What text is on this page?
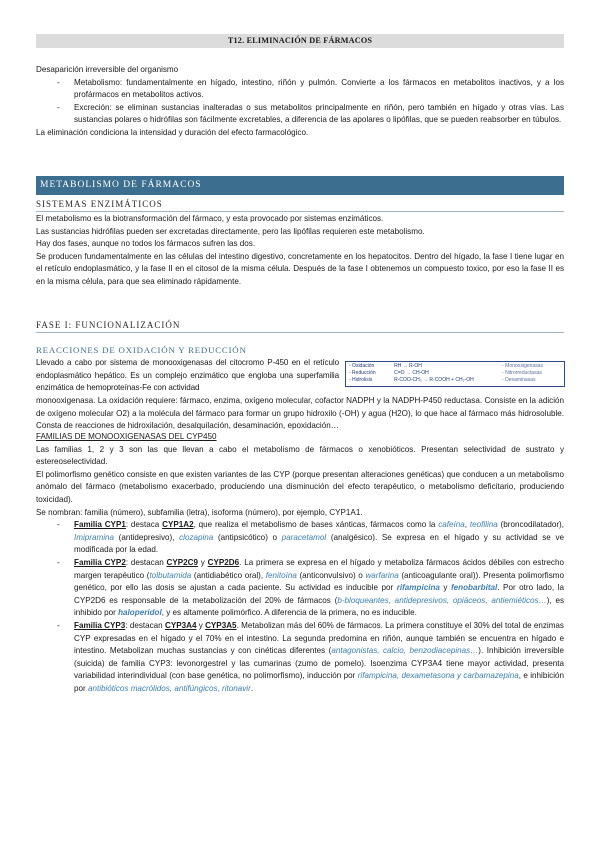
T12. ELIMINACIÓN DE FÁRMACOS

Desaparición irreversible del organismo

- Metabolismo: fundamentalmente en hígado, intestino, riñón y pulmón. Convierte a los fármacos en metabolitos inactivos, y a los profármacos en metabolitos activos.
- Excreción: se eliminan sustancias inalteradas o sus metabolitos principalmente en riñón, pero también en hígado y otras vías. Las sustancias polares o hidrófilas son fácilmente excretables, a diferencia de las apolares o lipófilas, que se pueden reabsorber en túbulos.

La eliminación condiciona la intensidad y duración del efecto farmacológico.

METABOLISMO DE FÁRMACOS
SISTEMAS ENZIMÁTICOS

El metabolismo es la biotransformación del fármaco, y esta provocado por sistemas enzimáticos.

Las sustancias hidrófilas pueden ser excretadas directamente, pero las lipófilas requieren este metabolismo.

Hay dos fases, aunque no todos los fármacos sufren las dos.

Se producen fundamentalmente en las células del intestino digestivo, concretamente en los hepatocitos. Dentro del hígado, la fase I tiene lugar en el retículo endoplasmático, y la fase II en el citosol de la misma célula. Después de la fase I obtenemos un compuesto toxico, por eso la fase II es en la misma célula, para que sea eliminado rápidamente.

FASE I: FUNCIONALIZACIÓN
REACCIONES DE OXIDACIÓN Y REDUCCIÓN

Llevado a cabo por sistema de monooxigenasas del citocromo P-450 en el retículo endoplasmático hepático. Es un complejo enzimático que engloba una superfamilia enzimática de hemoproteínas-Fe con actividad

- Oxidación	RH → R-OH	- Monooxigenasas
- Reducción	C=O → CH-OH	- Nitrorreductasas
- Hidrolisis	R-COO-CH₂ → R-COOH + CH₂-OH	- Desaminasas

monooxigenasa. La oxidación requiere: fármaco, enzima, oxígeno molecular, cofactor NADPH y la NADPH-P450 reductasa. Consiste en la adición de oxígeno molecular O2) a la molécula del fármaco para formar un grupo hidroxilo (-OH) y agua (H2O), lo que hace al fármaco más hidrosoluble. Consta de reacciones de hidroxilación, desalquilación, desaminación, epoxidación…

FAMILIAS DE MONOOXIGENASAS DEL CYP450

Las familias 1, 2 y 3 son las que llevan a cabo el metabolismo de fármacos o xenobióticos. Presentan selectividad de sustrato y estereoselectividad.

El polimorfismo genético consiste en que existen variantes de las CYP (porque presentan alteraciones genéticas) que conducen a un metabolismo anómalo del fármaco (metabolismo exacerbado, produciendo una disminución del efecto terapéutico, o metabolismo deficitario, produciendo toxicidad).

Se nombran: familia (número), subfamilia (letra), isoforma (número), por ejemplo, CYP1A1.

- Familia CYP1: destaca CYP1A2, que realiza el metabolismo de bases xánticas, fármacos como la cafeína, teofilina (broncodilatador), Imipramina (antidepresivo), clozapina (antipsicótico) o paracetamol (analgésico). Se expresa en el hígado y su actividad se ve modificada por la edad.
- Familia CYP2: destacan CYP2C9 y CYP2D6. La primera se expresa en el hígado y metaboliza fármacos ácidos débiles con estrecho margen terapéutico (tolbutamida (antidiabético oral), fenitoína (anticonvulsivo) o warfarina (anticoagulante oral)). Presenta polimorfismo genético, por ello las dosis se ajustan a cada paciente. Su actividad es inducible por rifampicina y fenobarbital. Por otro lado, la CYP2D6 es responsable de la metabolización del 20% de fármacos (b-bloqueantes, antidepresivos, opiáceos, antiemiéticos…), es inhibido por haloperidol, y es altamente polimórfico. A diferencia de la primera, no es inducible.
- Familia CYP3: destacan CYP3A4 y CYP3A5. Metabolizan más del 60% de fármacos. La primera constituye el 30% del total de enzimas CYP expresadas en el hígado y el 70% en el intestino. La segunda predomina en riñón, aunque también se encuentra en hígado e intestino. Metabolizan muchas sustancias y con cinéticas diferentes (antagonistas, calcio, benzodiacepinas…). Inhibición irreversible (suicida) de familia CYP3: levonorgestrel y las cumarinas (zumo de pomelo). Isoenzima CYP3A4 tiene mayor actividad, presenta variabilidad interindividual (con base genética, no polimorfismo), inducción por rifampicina, dexametasona y carbamazepina, e inhibición por antibióticos macrólidos, antifúngicos, ritonavir.
